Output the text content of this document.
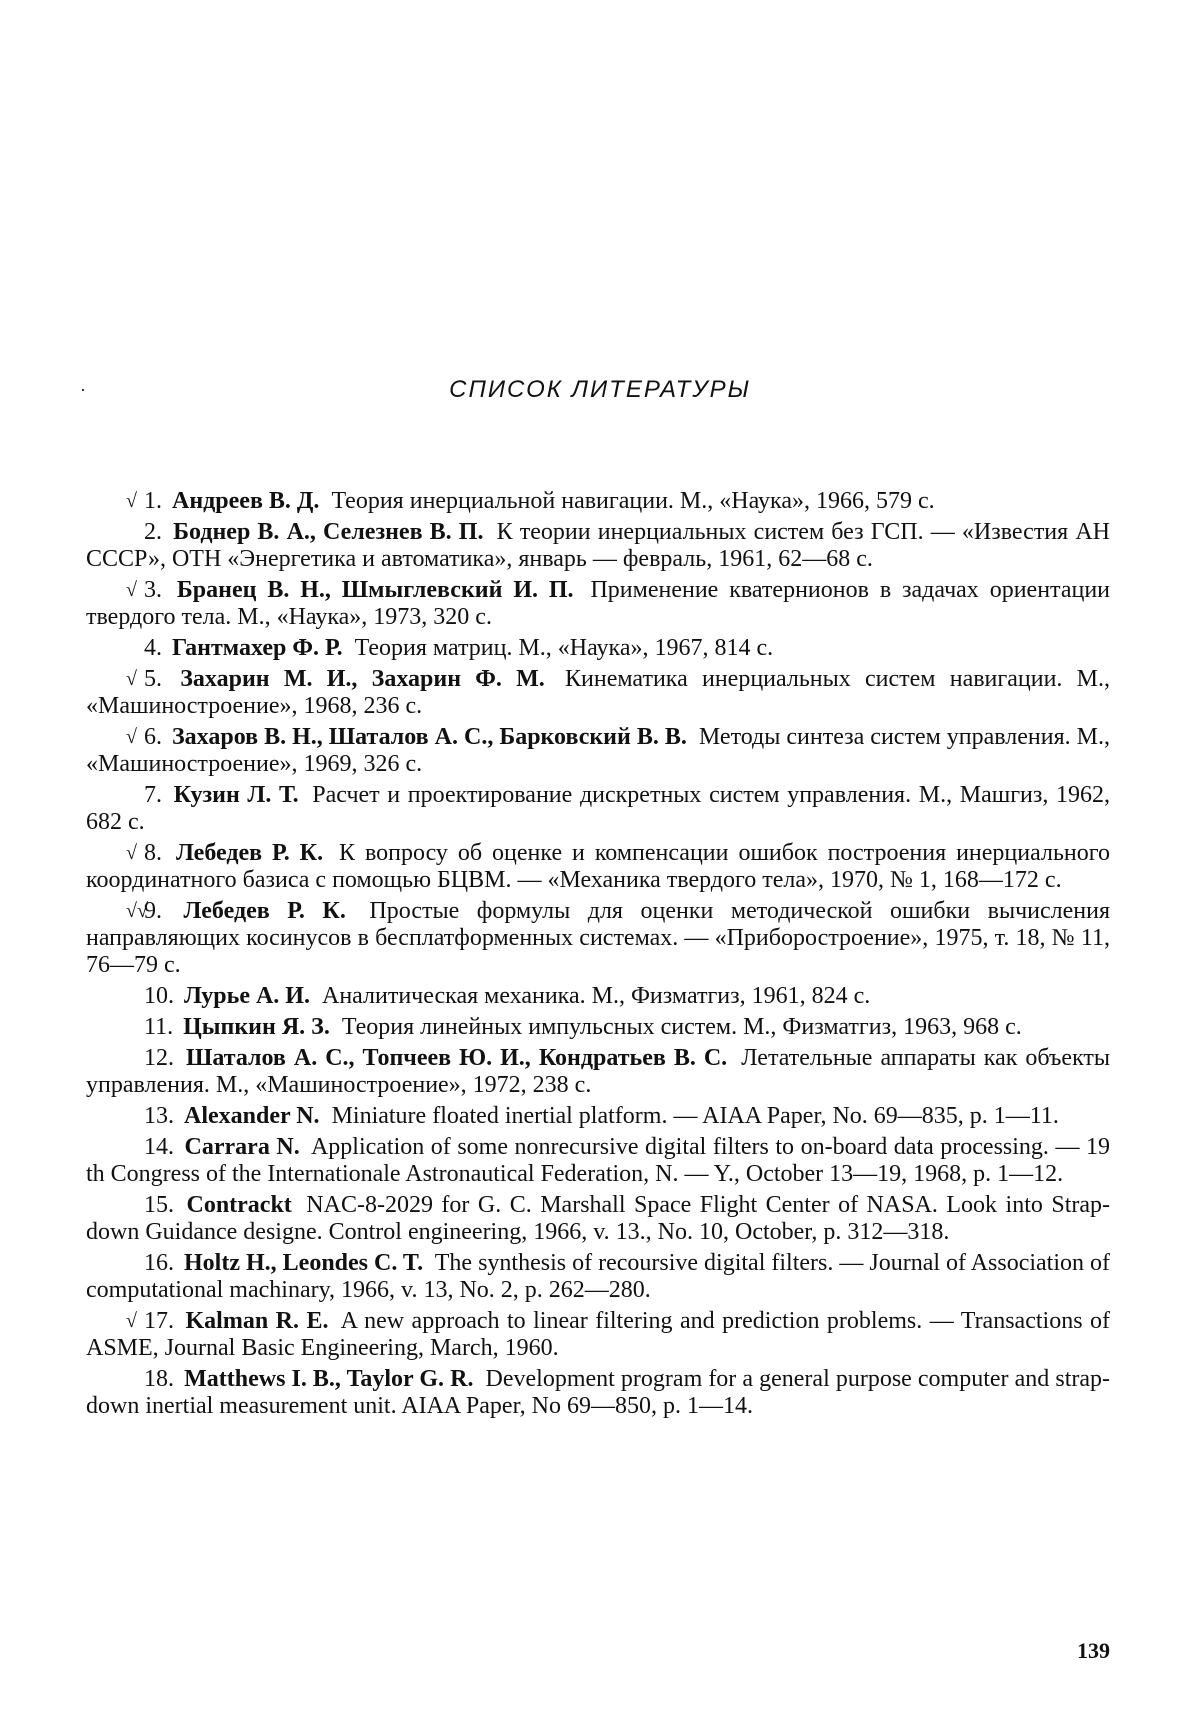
·	СПИСОК ЛИТЕРАТУРЫ

√ 1. Андреев В. Д. Теория инерциальной навигации. М., «Наука», 1966, 579 с.

2. Боднер В. А., Селезнев В. П. К теории инерциальных систем без ГСП. — «Известия АН СССР», ОТН «Энергетика и автоматика», январь — февраль, 1961, 62—68 с.

√ 3. Бранец В. Н., Шмыглевский И. П. Применение кватернионов в задачах ориентации твердого тела. М., «Наука», 1973, 320 с.

4. Гантмахер Ф. Р. Теория матриц. М., «Наука», 1967, 814 с.

√ 5. Захарин М. И., Захарин Ф. М. Кинематика инерциальных систем навигации. М., «Машиностроение», 1968, 236 с.

√ 6. Захаров В. Н., Шаталов А. С., Барковский В. В. Методы синтеза систем управления. М., «Машиностроение», 1969, 326 с.

7. Кузин Л. Т. Расчет и проектирование дискретных систем управления. М., Машгиз, 1962, 682 с.

√ 8. Лебедев Р. К. К вопросу об оценке и компенсации ошибок построения инерциального координатного базиса с помощью БЦВМ. — «Механика твердого тела», 1970, № 1, 168—172 с.

√√
9. Лебедев Р. К. Простые формулы для оценки методической ошибки вычисления направляющих косинусов в бесплатформенных системах. — «Приборостроение», 1975, т. 18, № 11, 76—79 с.

10. Лурье А. И. Аналитическая механика. М., Физматгиз, 1961, 824 с.

11. Цыпкин Я. З. Теория линейных импульсных систем. М., Физматгиз, 1963, 968 с.

12. Шаталов А. С., Топчеев Ю. И., Кондратьев В. С. Летательные аппараты как объекты управления. М., «Машиностроение», 1972, 238 с.

13. Alexander N. Miniature floated inertial platform. — AIAA Paper, No. 69—835, p. 1—11.

14. Carrara N. Application of some nonrecursive digital filters to on-board data processing. — 19 th Congress of the Internationale Astronautical Federation, N. — Y., October 13—19, 1968, p. 1—12.

15. Contrackt NAC-8-2029 for G. C. Marshall Space Flight Center of NASA. Look into Strap-down Guidance designe. Control engineering, 1966, v. 13., No. 10, October, p. 312—318.

16. Holtz H., Leondes C. T. The synthesis of recoursive digital filters. — Journal of Association of computational machinary, 1966, v. 13, No. 2, p. 262—280.

√ 17. Kalman R. E. A new approach to linear filtering and prediction problems. — Transactions of ASME, Journal Basic Engineering, March, 1960.

18. Matthews I. B., Taylor G. R. Development program for a general purpose computer and strap-down inertial measurement unit. AIAA Paper, No 69—850, p. 1—14.

139
